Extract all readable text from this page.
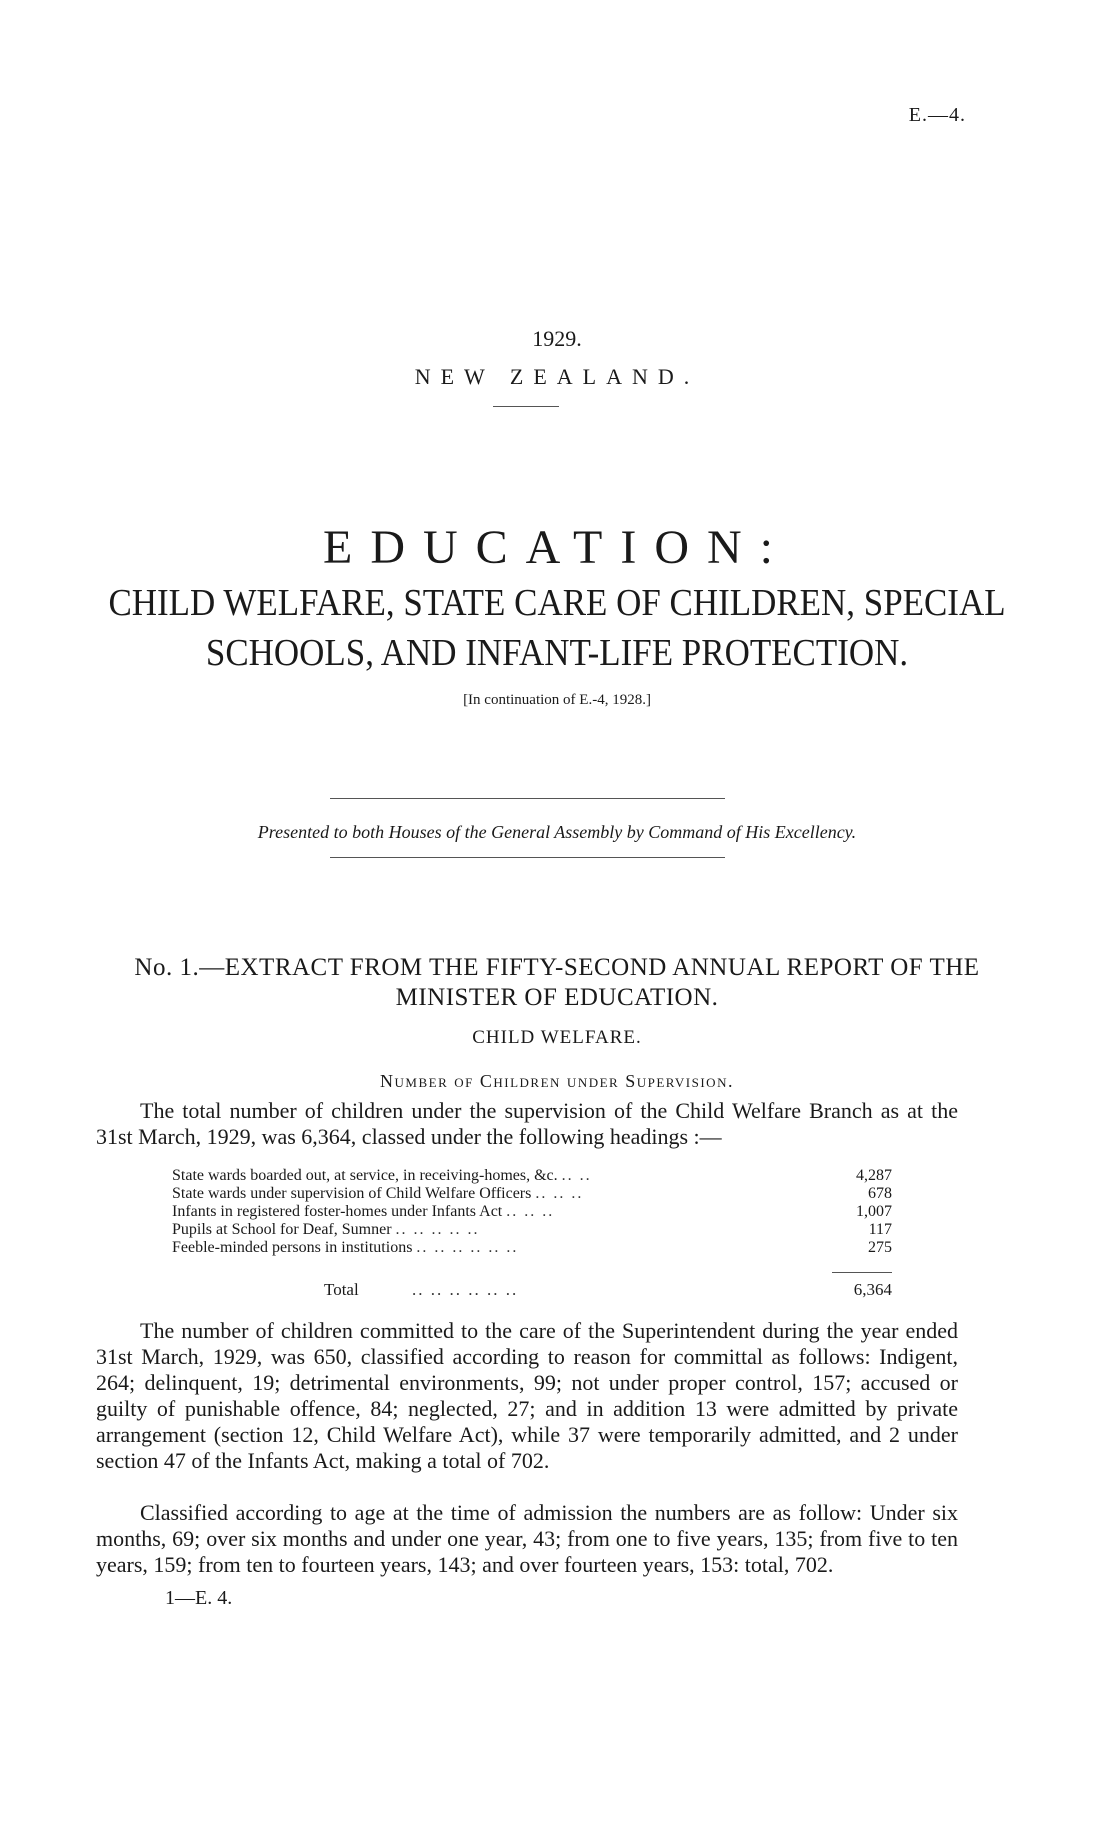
E.—4.
1929.
NEW ZEALAND.
EDUCATION:
CHILD WELFARE, STATE CARE OF CHILDREN, SPECIAL
SCHOOLS, AND INFANT-LIFE PROTECTION.
[In continuation of E.-4, 1928.]
Presented to both Houses of the General Assembly by Command of His Excellency.
No. 1.—EXTRACT FROM THE FIFTY-SECOND ANNUAL REPORT OF THE
MINISTER OF EDUCATION.
CHILD WELFARE.
Number of Children under Supervision.

The total number of children under the supervision of the Child Welfare Branch as at the 31st March, 1929, was 6,364, classed under the following headings :—

State wards boarded out, at service, in receiving-homes, &c. .. ..	4,287
State wards under supervision of Child Welfare Officers .. .. ..	678
Infants in registered foster-homes under Infants Act .. .. ..	1,007
Pupils at School for Deaf, Sumner .. .. .. .. ..	117
Feeble-minded persons in institutions .. .. .. .. .. ..	275
Total	.. .. .. .. .. ..	6,364

The number of children committed to the care of the Superintendent during the year ended 31st March, 1929, was 650, classified according to reason for committal as follows: Indigent, 264; delinquent, 19; detrimental environments, 99; not under proper control, 157; accused or guilty of punishable offence, 84; neglected, 27; and in addition 13 were admitted by private arrangement (section 12, Child Welfare Act), while 37 were temporarily admitted, and 2 under section 47 of the Infants Act, making a total of 702.

Classified according to age at the time of admission the numbers are as follow: Under six months, 69; over six months and under one year, 43; from one to five years, 135; from five to ten years, 159; from ten to fourteen years, 143; and over fourteen years, 153: total, 702.

1—E. 4.
